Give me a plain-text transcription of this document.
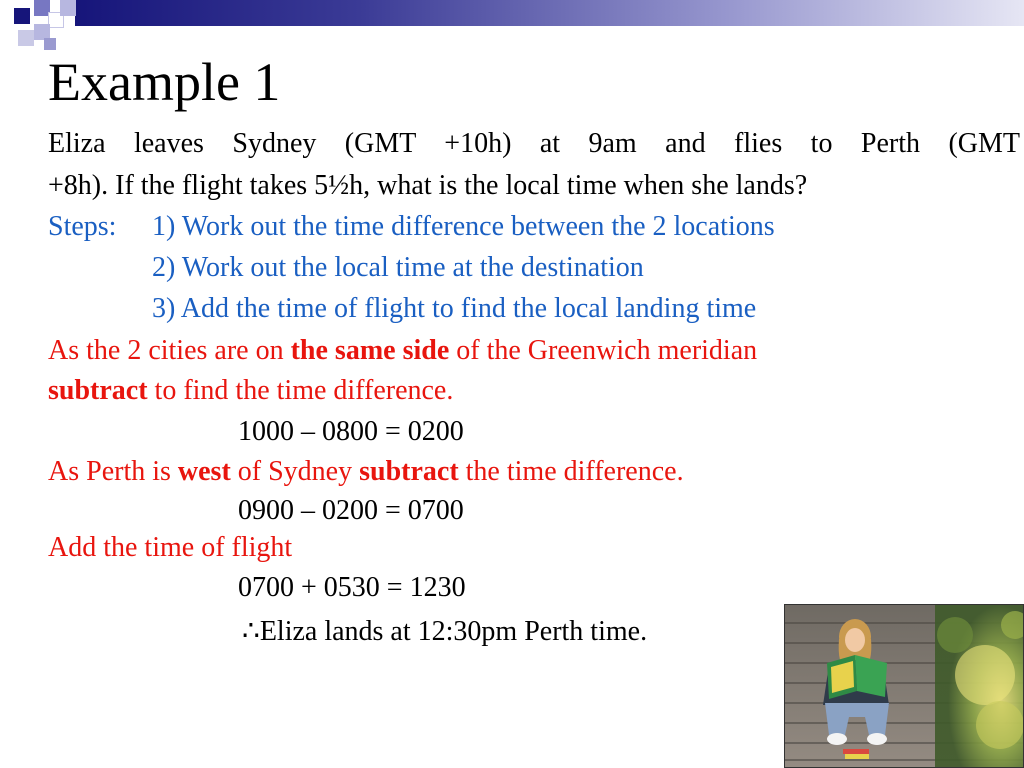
Example 1
Eliza leaves Sydney (GMT +10h) at 9am and flies to Perth (GMT
+8h). If the flight takes 5½h, what is the local time when she lands?
Steps: 1) Work out the time difference between the 2 locations
2) Work out the local time at the destination
3) Add the time of flight to find the local landing time
As the 2 cities are on the same side of the Greenwich meridian
subtract to find the time difference.
1000 – 0800 = 0200
As Perth is west of Sydney subtract the time difference.
0900 – 0200 = 0700
Add the time of flight
0700 + 0530 = 1230
∴Eliza lands at 12:30pm Perth time.
